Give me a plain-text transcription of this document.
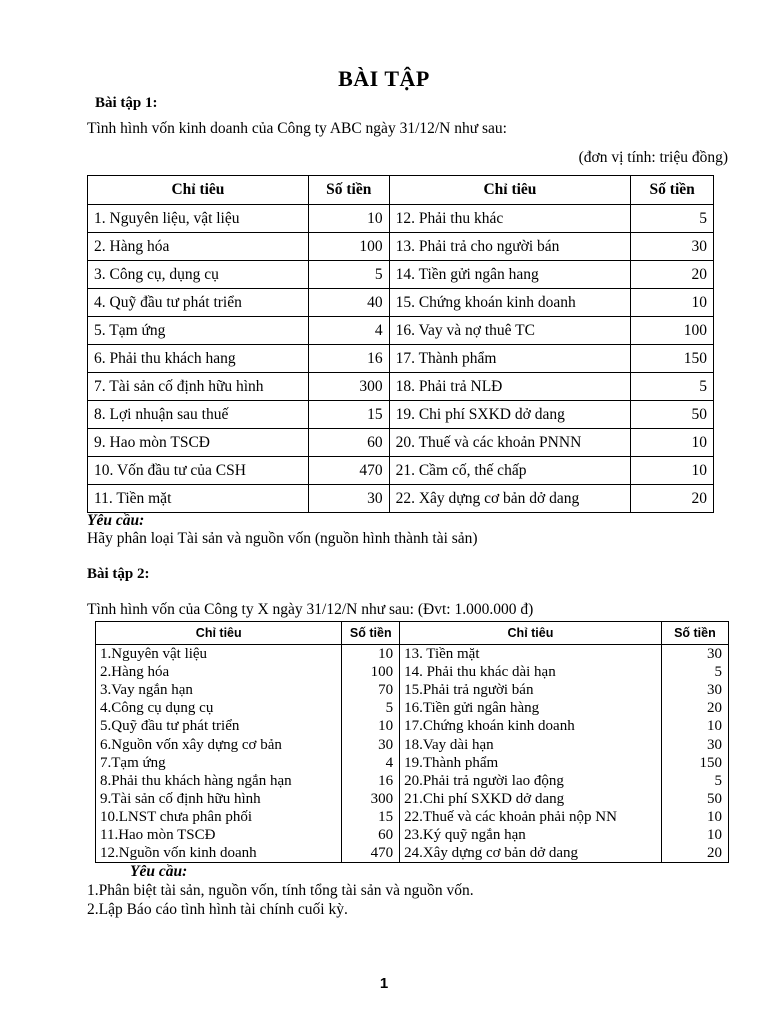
BÀI TẬP
Bài tập 1:
Tình hình vốn kinh doanh của Công ty ABC ngày 31/12/N như sau:
(đơn vị tính: triệu đồng)
Chỉ tiêu	Số tiền	Chỉ tiêu	Số tiền
1. Nguyên liệu, vật liệu	10	12. Phải thu khác	5
2. Hàng hóa	100	13. Phải trả cho người bán	30
3. Công cụ, dụng cụ	5	14. Tiền gửi ngân hang	20
4. Quỹ đầu tư phát triển	40	15. Chứng khoán kinh doanh	10
5. Tạm ứng	4	16. Vay và nợ thuê TC	100
6. Phải thu khách hang	16	17. Thành phẩm	150
7. Tài sản cố định hữu hình	300	18. Phải trả NLĐ	5
8. Lợi nhuận sau thuế	15	19. Chi phí SXKD dở dang	50
9. Hao mòn TSCĐ	60	20. Thuế và các khoản PNNN	10
10. Vốn đầu tư của CSH	470	21. Cầm cố, thế chấp	10
11. Tiền mặt	30	22. Xây dựng cơ bản dở dang	20
Yêu cầu:
Hãy phân loại Tài sản và nguồn vốn (nguồn hình thành tài sản)
Bài tập 2:
Tình hình vốn của Công ty X ngày 31/12/N như sau: (Đvt: 1.000.000 đ)
Chỉ tiêu	Số tiền	Chỉ tiêu	Số tiền
1.Nguyên vật liệu	10	13. Tiền mặt	30
2.Hàng hóa	100	14. Phải thu khác dài hạn	5
3.Vay ngắn hạn	70	15.Phải trả người bán	30
4.Công cụ dụng cụ	5	16.Tiền gửi ngân hàng	20
5.Quỹ đầu tư phát triển	10	17.Chứng khoán kinh doanh	10
6.Nguồn vốn xây dựng cơ bản	30	18.Vay dài hạn	30
7.Tạm ứng	4	19.Thành phẩm	150
8.Phải thu khách hàng ngắn hạn	16	20.Phải trả người lao động	5
9.Tài sản cố định hữu hình	300	21.Chi phí SXKD dở dang	50
10.LNST chưa phân phối	15	22.Thuế và các khoản phải nộp NN	10
11.Hao mòn TSCĐ	60	23.Ký quỹ ngắn hạn	10
12.Nguồn vốn kinh doanh	470	24.Xây dựng cơ bản dở dang	20
Yêu cầu:
1.Phân biệt tài sản, nguồn vốn, tính tổng tài sản và nguồn vốn.
2.Lập Báo cáo tình hình tài chính cuối kỳ.
1
